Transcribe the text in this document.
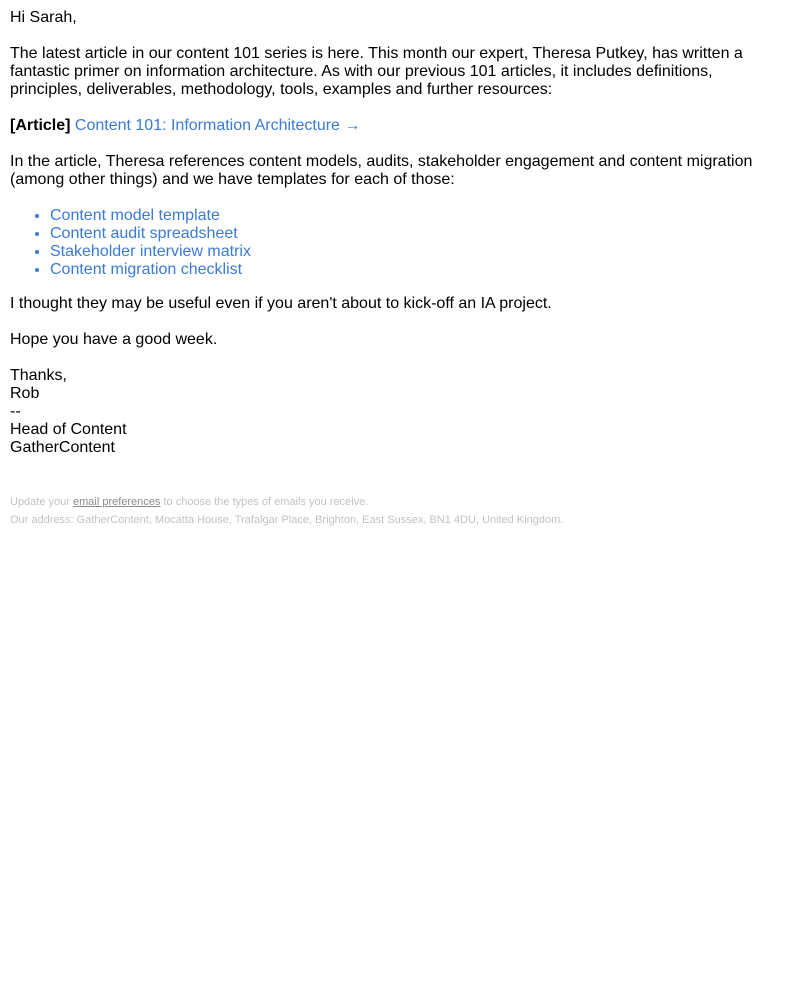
Hi Sarah,

The latest article in our content 101 series is here. This month our expert, Theresa Putkey, has written a fantastic primer on information architecture. As with our previous 101 articles, it includes definitions, principles, deliverables, methodology, tools, examples and further resources:

[Article] Content 101: Information Architecture →

In the article, Theresa references content models, audits, stakeholder engagement and content migration (among other things) and we have templates for each of those:

• Content model template
• Content audit spreadsheet
• Stakeholder interview matrix
• Content migration checklist

I thought they may be useful even if you aren't about to kick-off an IA project.

Hope you have a good week.

Thanks,
Rob
--
Head of Content
GatherContent

Update your email preferences to choose the types of emails you receive.

Our address: GatherContent, Mocatta House, Trafalgar Place, Brighton, East Sussex, BN1 4DU, United Kingdom.
